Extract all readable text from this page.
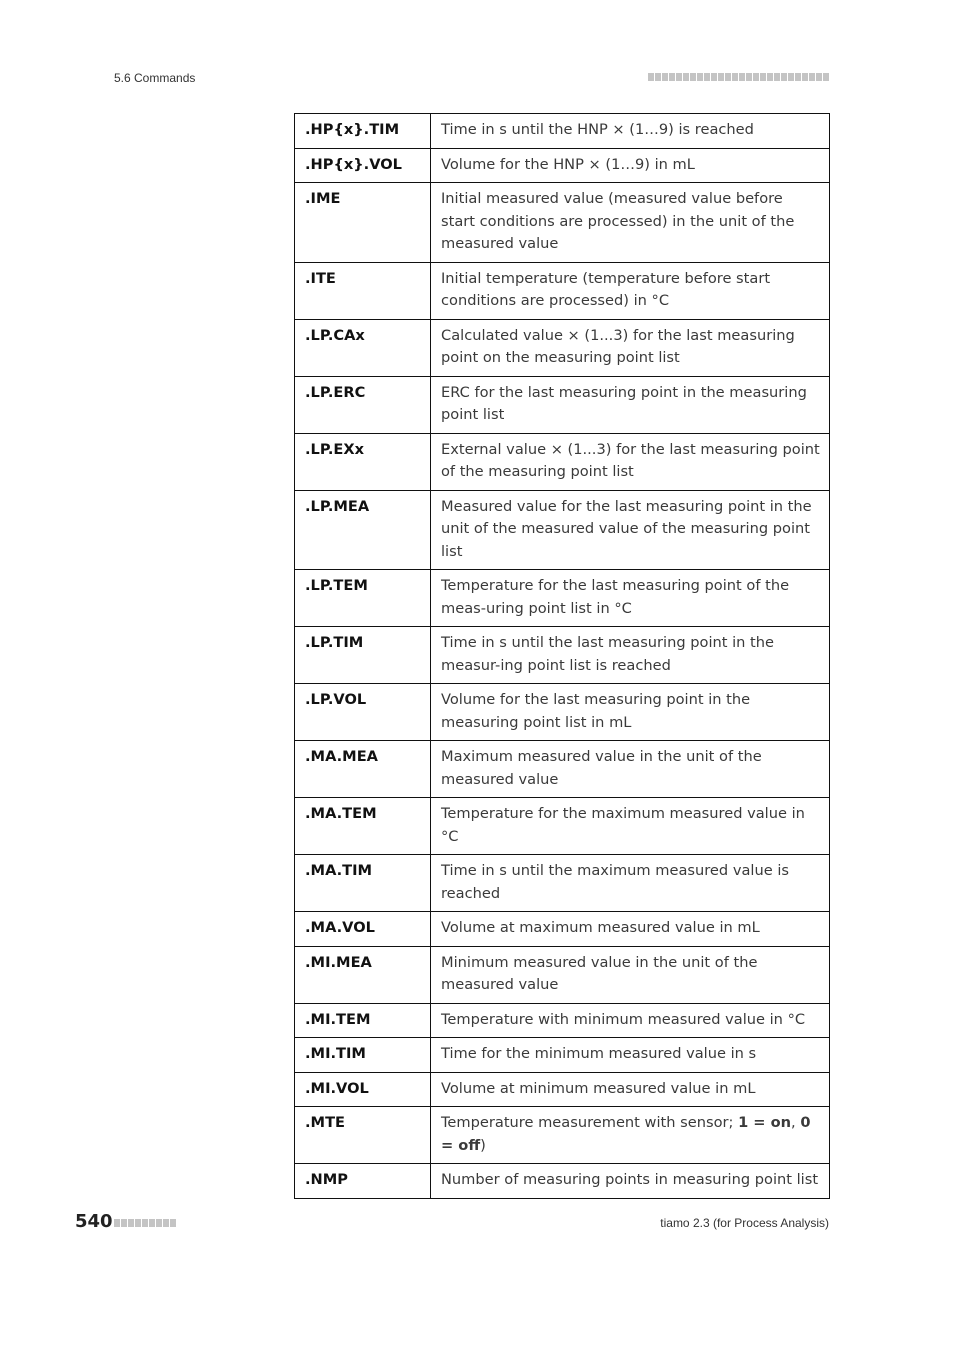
5.6 Commands
.HP{x}.TIM	Time in s until the HNP × (1…9) is reached
.HP{x}.VOL	Volume for the HNP × (1…9) in mL
.IME	Initial measured value (measured value before start conditions are processed) in the unit of the measured value
.ITE	Initial temperature (temperature before start conditions are processed) in °C
.LP.CAx	Calculated value × (1...3) for the last measuring point on the measuring point list
.LP.ERC	ERC for the last measuring point in the measuring point list
.LP.EXx	External value × (1...3) for the last measuring point of the measuring point list
.LP.MEA	Measured value for the last measuring point in the unit of the measured value of the measuring point list
.LP.TEM	Temperature for the last measuring point of the meas-uring point list in °C
.LP.TIM	Time in s until the last measuring point in the measur-ing point list is reached
.LP.VOL	Volume for the last measuring point in the measuring point list in mL
.MA.MEA	Maximum measured value in the unit of the measured value
.MA.TEM	Temperature for the maximum measured value in °C
.MA.TIM	Time in s until the maximum measured value is reached
.MA.VOL	Volume at maximum measured value in mL
.MI.MEA	Minimum measured value in the unit of the measured value
.MI.TEM	Temperature with minimum measured value in °C
.MI.TIM	Time for the minimum measured value in s
.MI.VOL	Volume at minimum measured value in mL
.MTE	Temperature measurement with sensor; 1 = on, 0 = off)
.NMP	Number of measuring points in measuring point list
540	tiamo 2.3 (for Process Analysis)
